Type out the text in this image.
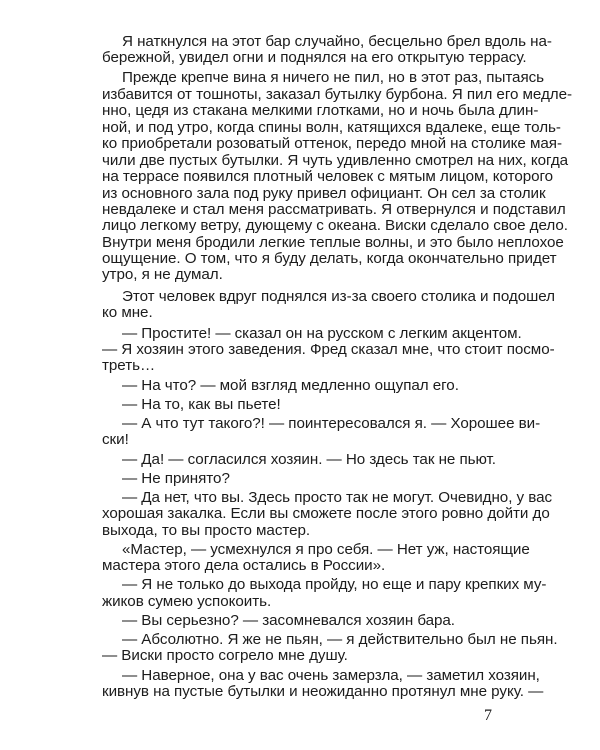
Я наткнулся на этот бар случайно, бесцельно брел вдоль на-
бережной, увидел огни и поднялся на его открытую террасу.
Прежде крепче вина я ничего не пил, но в этот раз, пытаясь
избавится от тошноты, заказал бутылку бурбона. Я пил его медле-
нно, цедя из стакана мелкими глотками, но и ночь была длин-
ной, и под утро, когда спины волн, катящихся вдалеке, еще толь-
ко приобретали розоватый оттенок, передо мной на столике мая-
чили две пустых бутылки. Я чуть удивленно смотрел на них, когда
на террасе появился плотный человек с мятым лицом, которого
из основного зала под руку привел официант. Он сел за столик
невдалеке и стал меня рассматривать. Я отвернулся и подставил
лицо легкому ветру, дующему с океана. Виски сделало свое дело.
Внутри меня бродили легкие теплые волны, и это было неплохое
ощущение. О том, что я буду делать, когда окончательно придет
утро, я не думал.
Этот человек вдруг поднялся из-за своего столика и подошел
ко мне.
— Простите! — сказал он на русском с легким акцентом.
— Я хозяин этого заведения. Фред сказал мне, что стоит посмо-
треть…
— На что? — мой взгляд медленно ощупал его.
— На то, как вы пьете!
— А что тут такого?! — поинтересовался я. — Хорошее ви-
ски!
— Да! — согласился хозяин. — Но здесь так не пьют.
— Не принято?
— Да нет, что вы. Здесь просто так не могут. Очевидно, у вас
хорошая закалка. Если вы сможете после этого ровно дойти до
выхода, то вы просто мастер.
«Мастер, — усмехнулся я про себя. — Нет уж, настоящие
мастера этого дела остались в России».
— Я не только до выхода пройду, но еще и пару крепких му-
жиков сумею успокоить.
— Вы серьезно? — засомневался хозяин бара.
— Абсолютно. Я же не пьян, — я действительно был не пьян.
— Виски просто согрело мне душу.
— Наверное, она у вас очень замерзла, — заметил хозяин,
кивнув на пустые бутылки и неожиданно протянул мне руку. —
7
